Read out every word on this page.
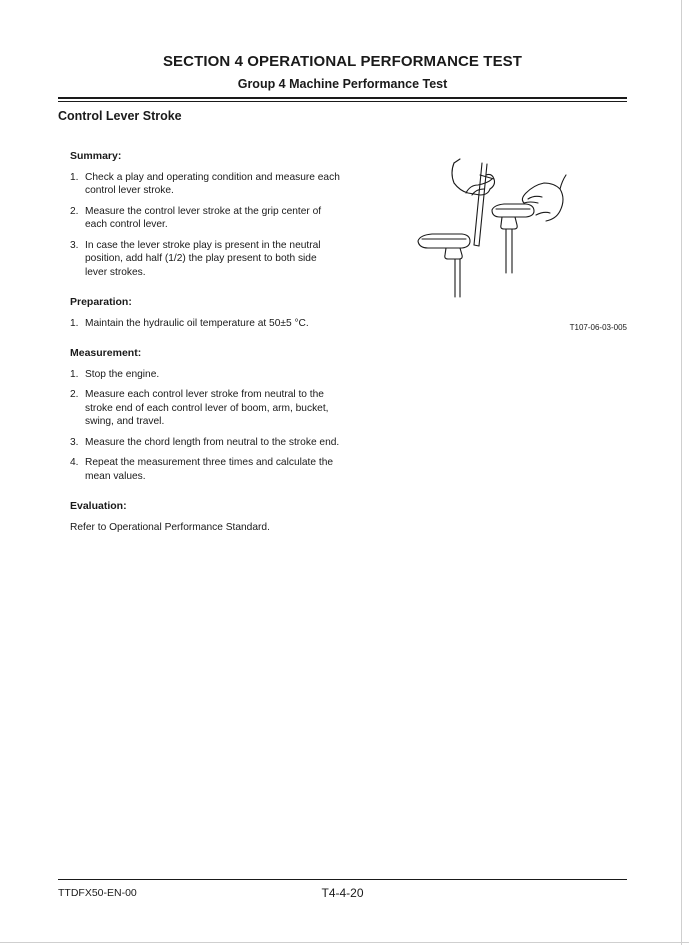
SECTION 4 OPERATIONAL PERFORMANCE TEST
Group 4 Machine Performance Test
Control Lever Stroke
Summary:
1. Check a play and operating condition and measure each control lever stroke.
2. Measure the control lever stroke at the grip center of each control lever.
3. In case the lever stroke play is present in the neutral position, add half (1/2) the play present to both side lever strokes.
Preparation:
1. Maintain the hydraulic oil temperature at 50±5 °C.
Measurement:
1. Stop the engine.
2. Measure each control lever stroke from neutral to the stroke end of each control lever of boom, arm, bucket, swing, and travel.
3. Measure the chord length from neutral to the stroke end.
4. Repeat the measurement three times and calculate the mean values.
Evaluation:

Refer to Operational Performance Standard.

T107-06-03-005
TTDFX50-EN-00	T4-4-20
